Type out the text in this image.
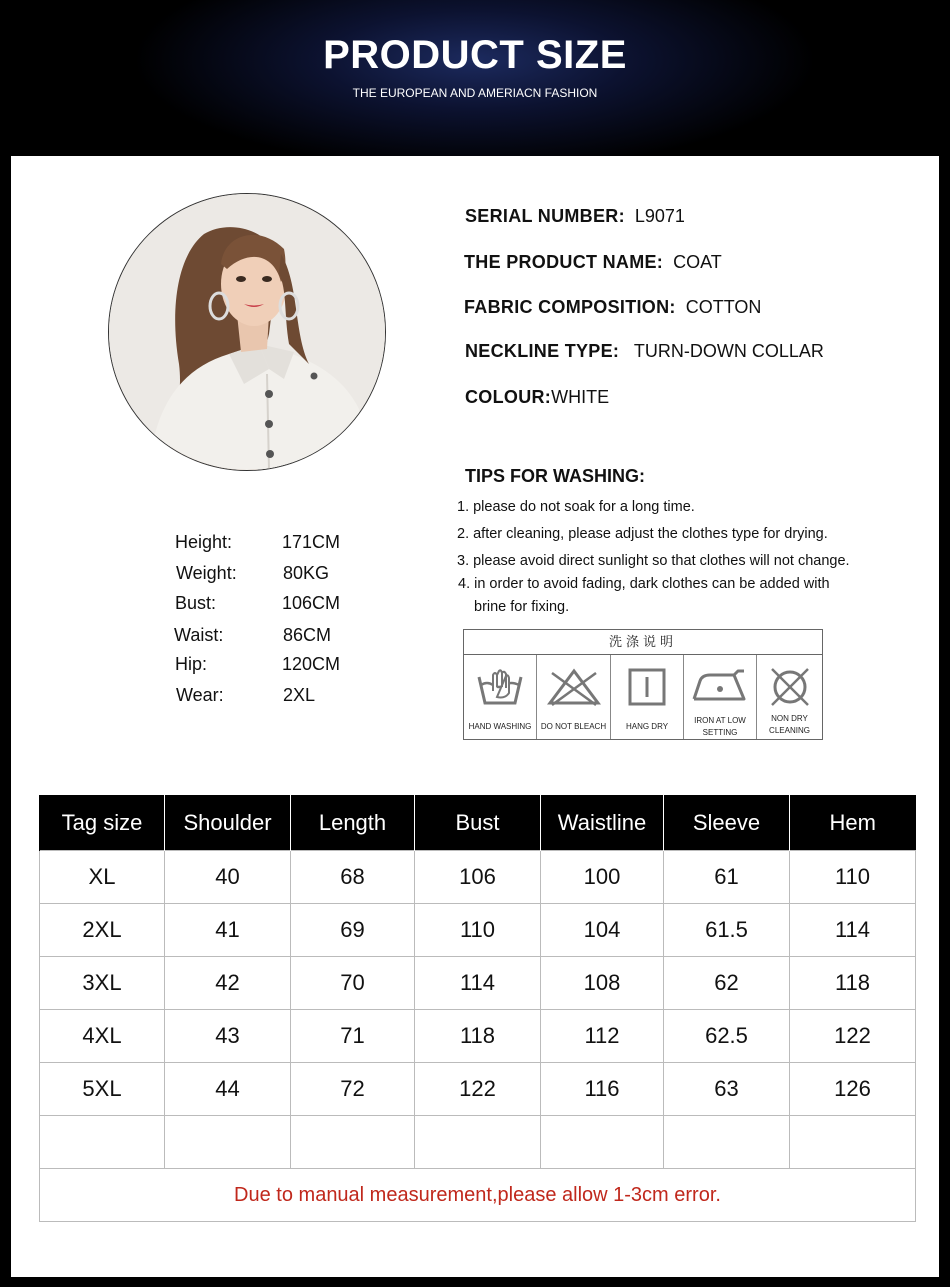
PRODUCT SIZE
THE EUROPEAN AND AMERIACN FASHION
Height:	171CM
Weight:	80KG
Bust:	106CM
Waist:	86CM
Hip:	120CM
Wear:	2XL
SERIAL NUMBER: L9071
THE PRODUCT NAME: COAT
FABRIC COMPOSITION: COTTON
NECKLINE TYPE: TURN-DOWN COLLAR
COLOUR:WHITE
TIPS FOR WASHING:
1. please do not soak for a long time.
2. after cleaning, please adjust the clothes type for drying.
3. please avoid direct sunlight so that clothes will not change.
4. in order to avoid fading, dark clothes can be added with
brine for fixing.
洗涤说明
HAND WASHING	DO NOT BLEACH	HANG DRY
IRON AT LOW
SETTING
NON DRY
CLEANING
Tag size	Shoulder	Length	Bust	Waistline	Sleeve	Hem
XL	40	68	106	100	61	110
2XL	41	69	110	104	61.5	114
3XL	42	70	114	108	62	118
4XL	43	71	118	112	62.5	122
5XL	44	72	122	116	63	126

Due to manual measurement,please allow 1-3cm error.						
